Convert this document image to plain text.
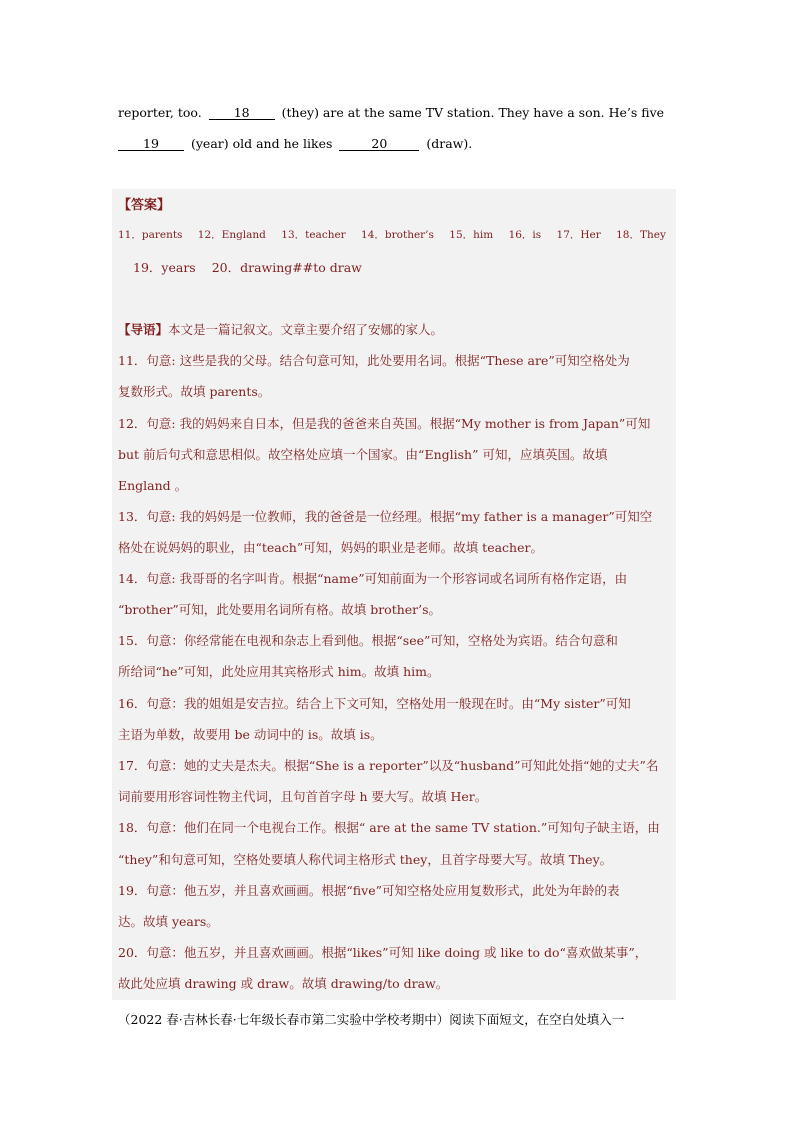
reporter, too.	18	(they) are at the same TV station. They have a son. He’s five
19	(year) old and he likes	20	(draw).
【答案】
11．parents 12．England 13．teacher 14．brother’s 15．him 16．is 17．Her 18．They
19．years 20．drawing##to draw
【导语】本文是一篇记叙文。文章主要介绍了安娜的家人。
11．句意: 这些是我的父母。结合句意可知，此处要用名词。根据“These are”可知空格处为
复数形式。故填 parents。
12．句意: 我的妈妈来自日本，但是我的爸爸来自英国。根据“My mother is from Japan”可知
but 前后句式和意思相似。故空格处应填一个国家。由“English” 可知，应填英国。故填
England 。
13．句意: 我的妈妈是一位教师，我的爸爸是一位经理。根据“my father is a manager”可知空
格处在说妈妈的职业，由“teach”可知，妈妈的职业是老师。故填 teacher。
14．句意: 我哥哥的名字叫肯。根据“name”可知前面为一个形容词或名词所有格作定语，由
“brother”可知，此处要用名词所有格。故填 brother’s。
15．句意：你经常能在电视和杂志上看到他。根据“see”可知，空格处为宾语。结合句意和
所给词“he”可知，此处应用其宾格形式 him。故填 him。
16．句意：我的姐姐是安吉拉。结合上下文可知，空格处用一般现在时。由“My sister”可知
主语为单数，故要用 be 动词中的 is。故填 is。
17．句意：她的丈夫是杰夫。根据“She is a reporter”以及“husband”可知此处指“她的丈夫”名
词前要用形容词性物主代词，且句首首字母 h 要大写。故填 Her。
18．句意：他们在同一个电视台工作。根据“ are at the same TV station.”可知句子缺主语，由
“they”和句意可知，空格处要填人称代词主格形式 they，且首字母要大写。故填 They。
19．句意：他五岁，并且喜欢画画。根据“five”可知空格处应用复数形式，此处为年龄的表
达。故填 years。
20．句意：他五岁，并且喜欢画画。根据“likes”可知 like doing 或 like to do“喜欢做某事”，
故此处应填 drawing 或 draw。故填 drawing/to draw。
（2022 春·吉林长春·七年级长春市第二实验中学校考期中）阅读下面短文，在空白处填入一
